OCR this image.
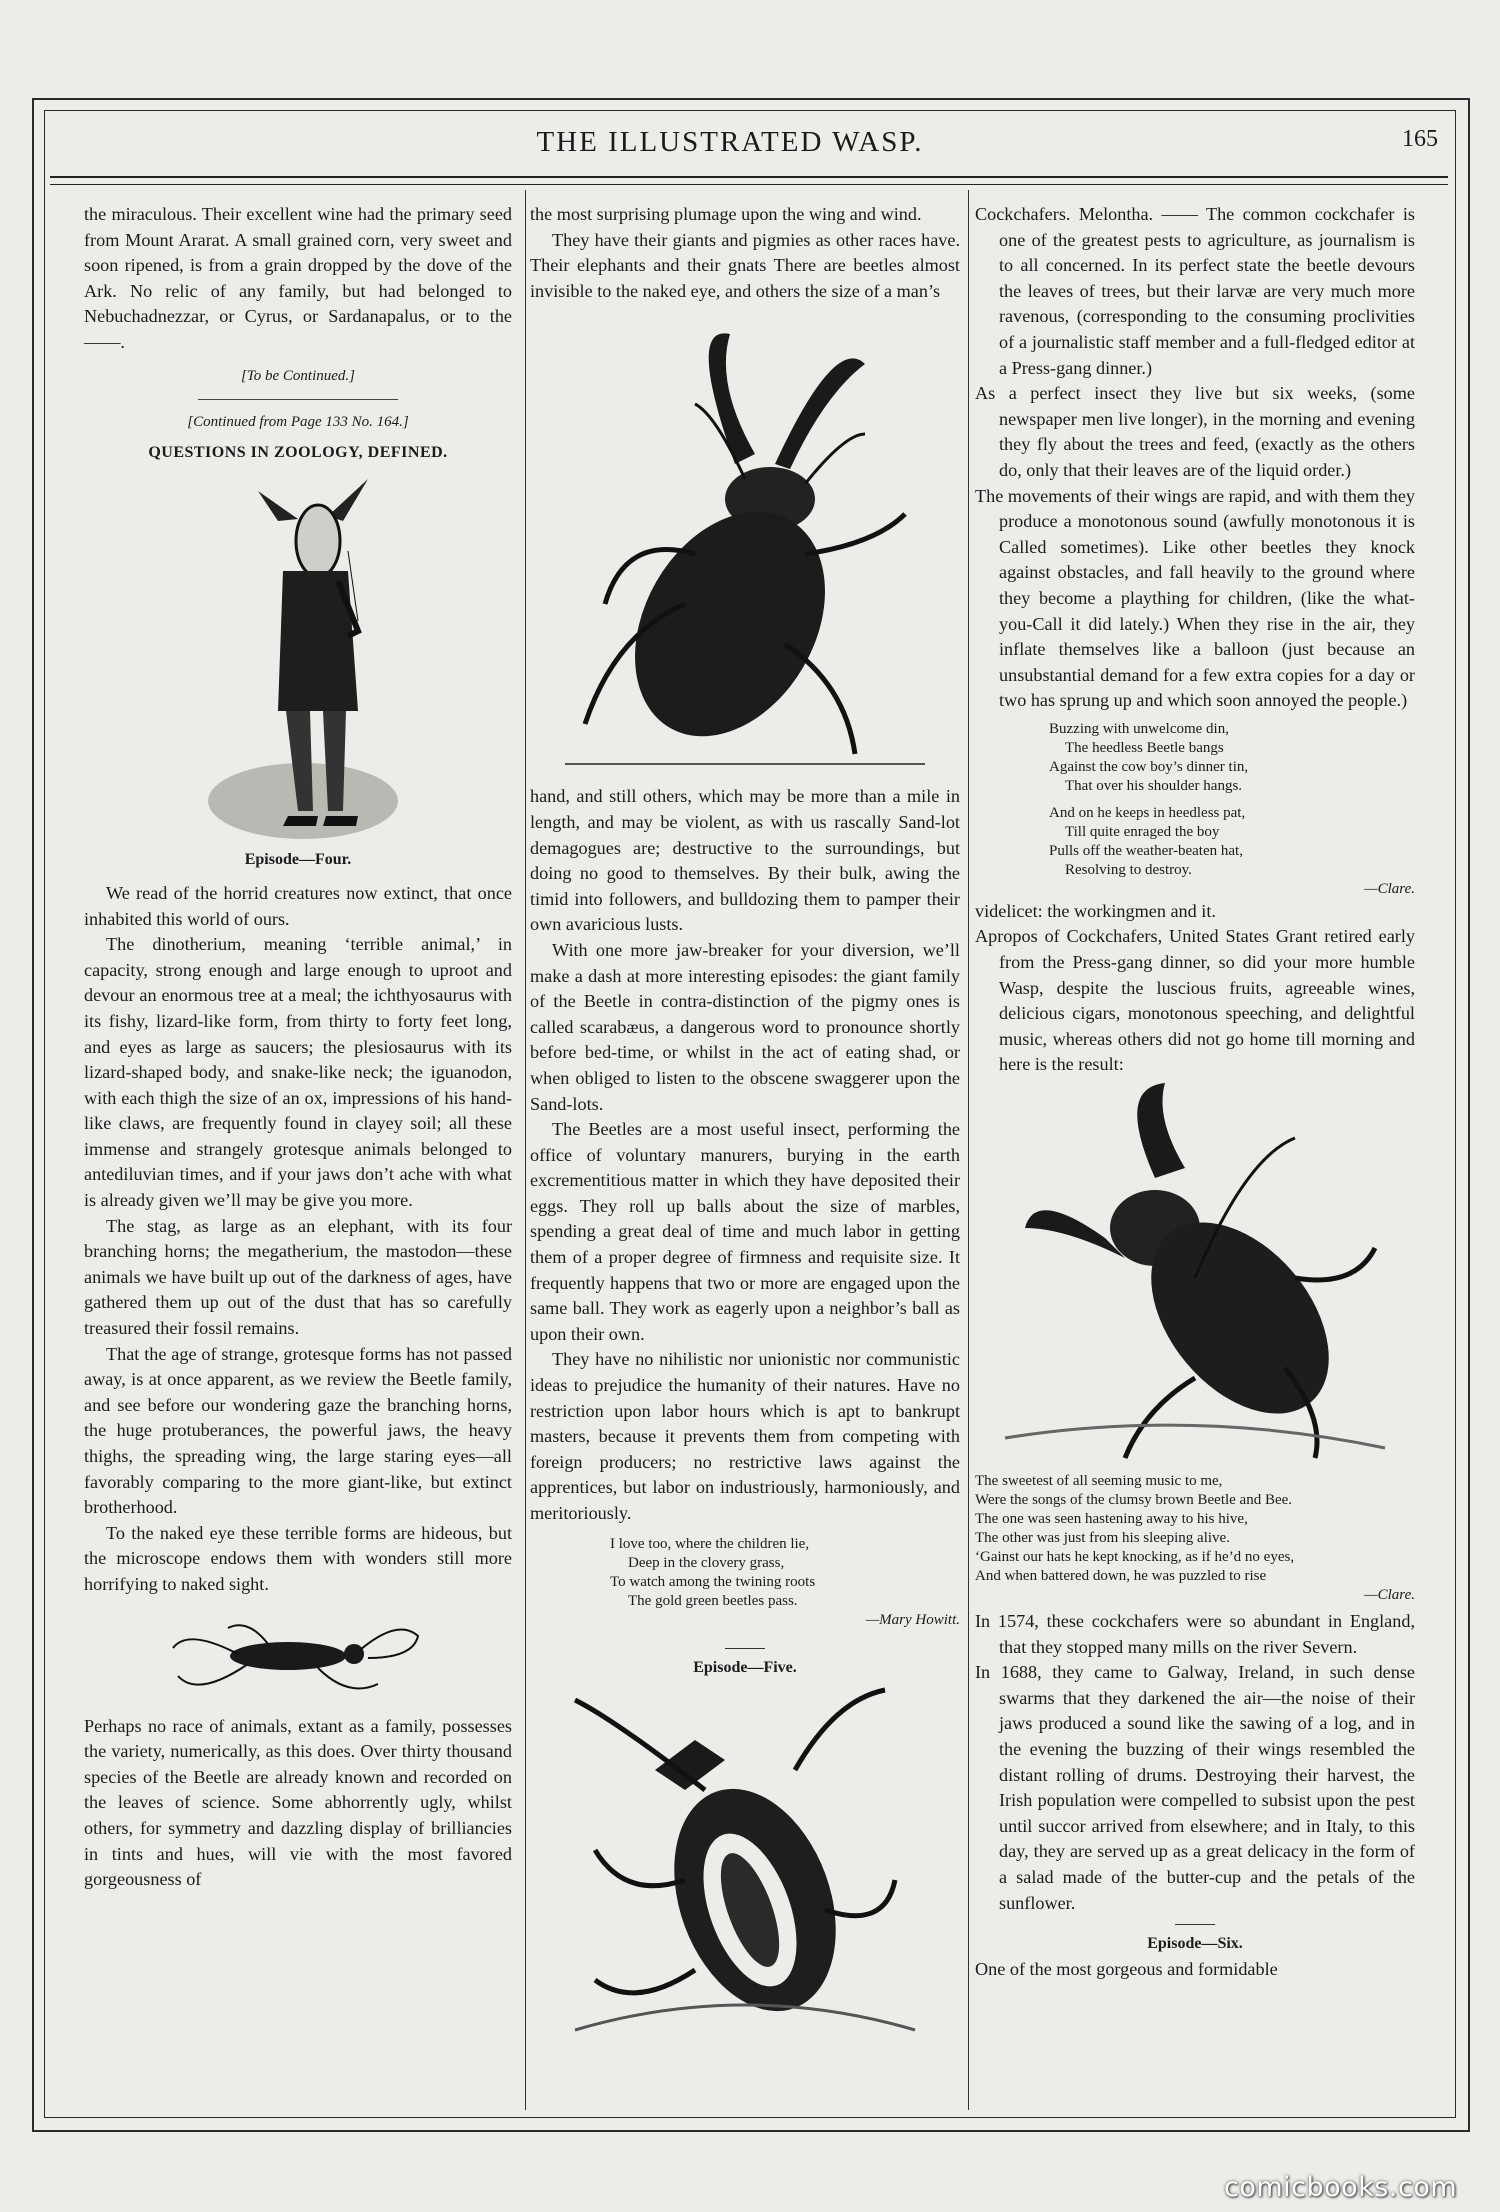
THE ILLUSTRATED WASP.	165

the miraculous. Their excellent wine had the primary seed from Mount Ararat. A small grained corn, very sweet and soon ripened, is from a grain dropped by the dove of the Ark. No relic of any family, but had belonged to Nebuchadnezzar, or Cyrus, or Sardanapalus, or to the ——.

[To be Continued.]

[Continued from Page 133 No. 164.]

QUESTIONS IN ZOOLOGY, DEFINED.

Episode—Four.

We read of the horrid creatures now extinct, that once inhabited this world of ours.

The dinotherium, meaning ‘terrible animal,’ in capacity, strong enough and large enough to uproot and devour an enormous tree at a meal; the ichthyosaurus with its fishy, lizard-like form, from thirty to forty feet long, and eyes as large as saucers; the plesiosaurus with its lizard-shaped body, and snake-like neck; the iguanodon, with each thigh the size of an ox, impressions of his hand-like claws, are frequently found in clayey soil; all these immense and strangely grotesque animals belonged to antediluvian times, and if your jaws don’t ache with what is already given we’ll may be give you more.

The stag, as large as an elephant, with its four branching horns; the megatherium, the mastodon—these animals we have built up out of the darkness of ages, have gathered them up out of the dust that has so carefully treasured their fossil remains.

That the age of strange, grotesque forms has not passed away, is at once apparent, as we review the Beetle family, and see before our wondering gaze the branching horns, the huge protuberances, the powerful jaws, the heavy thighs, the spreading wing, the large staring eyes—all favorably comparing to the more giant-like, but extinct brotherhood.

To the naked eye these terrible forms are hideous, but the microscope endows them with wonders still more horrifying to naked sight.

Perhaps no race of animals, extant as a family, possesses the variety, numerically, as this does. Over thirty thousand species of the Beetle are already known and recorded on the leaves of science. Some abhorrently ugly, whilst others, for symmetry and dazzling display of brilliancies in tints and hues, will vie with the most favored gorgeousness of

the most surprising plumage upon the wing and wind.

They have their giants and pigmies as other races have. Their elephants and their gnats There are beetles almost invisible to the naked eye, and others the size of a man’s

hand, and still others, which may be more than a mile in length, and may be violent, as with us rascally Sand-lot demagogues are; destructive to the surroundings, but doing no good to themselves. By their bulk, awing the timid into followers, and bulldozing them to pamper their own avaricious lusts.

With one more jaw-breaker for your diversion, we’ll make a dash at more interesting episodes: the giant family of the Beetle in contra-distinction of the pigmy ones is called scarabæus, a dangerous word to pronounce shortly before bed-time, or whilst in the act of eating shad, or when obliged to listen to the obscene swaggerer upon the Sand-lots.

The Beetles are a most useful insect, performing the office of voluntary manurers, burying in the earth excrementitious matter in which they have deposited their eggs. They roll up balls about the size of marbles, spending a great deal of time and much labor in getting them of a proper degree of firmness and requisite size. It frequently happens that two or more are engaged upon the same ball. They work as eagerly upon a neighbor’s ball as upon their own.

They have no nihilistic nor unionistic nor communistic ideas to prejudice the humanity of their natures. Have no restriction upon labor hours which is apt to bankrupt masters, because it prevents them from competing with foreign producers; no restrictive laws against the apprentices, but labor on industriously, harmoniously, and meritoriously.

I love too, where the children lie,
Deep in the clovery grass,
To watch among the twining roots
The gold green beetles pass.
—Mary Howitt.

Episode—Five.

Cockchafers. Melontha. —— The common cockchafer is one of the greatest pests to agriculture, as journalism is to all concerned. In its perfect state the beetle devours the leaves of trees, but their larvæ are very much more ravenous, (corresponding to the consuming proclivities of a journalistic staff member and a full-fledged editor at a Press-gang dinner.)

As a perfect insect they live but six weeks, (some newspaper men live longer), in the morning and evening they fly about the trees and feed, (exactly as the others do, only that their leaves are of the liquid order.)

The movements of their wings are rapid, and with them they produce a monotonous sound (awfully monotonous it is Called sometimes). Like other beetles they knock against obstacles, and fall heavily to the ground where they become a plaything for children, (like the what-you-Call it did lately.) When they rise in the air, they inflate themselves like a balloon (just because an unsubstantial demand for a few extra copies for a day or two has sprung up and which soon annoyed the people.)

Buzzing with unwelcome din,
The heedless Beetle bangs
Against the cow boy’s dinner tin,
That over his shoulder hangs.
And on he keeps in heedless pat,
Till quite enraged the boy
Pulls off the weather-beaten hat,
Resolving to destroy.
—Clare.

videlicet: the workingmen and it.

Apropos of Cockchafers, United States Grant retired early from the Press-gang dinner, so did your more humble Wasp, despite the luscious fruits, agreeable wines, delicious cigars, monotonous speeching, and delightful music, whereas others did not go home till morning and here is the result:

The sweetest of all seeming music to me,
Were the songs of the clumsy brown Beetle and Bee.
The one was seen hastening away to his hive,
The other was just from his sleeping alive.
‘Gainst our hats he kept knocking, as if he’d no eyes,
And when battered down, he was puzzled to rise
—Clare.

In 1574, these cockchafers were so abundant in England, that they stopped many mills on the river Severn.

In 1688, they came to Galway, Ireland, in such dense swarms that they darkened the air—the noise of their jaws produced a sound like the sawing of a log, and in the evening the buzzing of their wings resembled the distant rolling of drums. Destroying their harvest, the Irish population were compelled to subsist upon the pest until succor arrived from elsewhere; and in Italy, to this day, they are served up as a great delicacy in the form of a salad made of the butter-cup and the petals of the sunflower.

Episode—Six.

One of the most gorgeous and formidable

comicbooks.com
